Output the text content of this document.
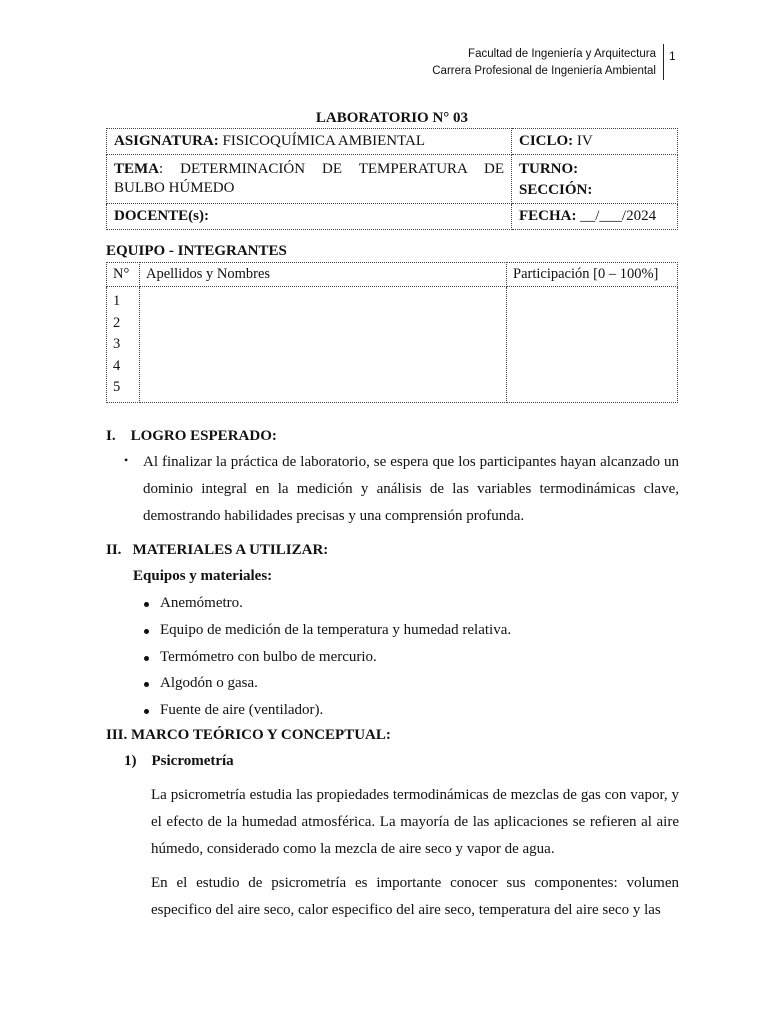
Facultad de Ingeniería y Arquitectura
Carrera Profesional de Ingeniería Ambiental
1
LABORATORIO N° 03
ASIGNATURA: FISICOQUÍMICA AMBIENTAL	CICLO: IV
TEMA: DETERMINACIÓN DE TEMPERATURA DE BULBO HÚMEDO	TURNO:
SECCIÓN:

DOCENTE(s):	FECHA: __/___/2024
EQUIPO - INTEGRANTES
N°	Apellidos y Nombres	Participación [0 – 100%]

1
2
3
4
5		

I.    LOGRO ESPERADO:
• Al finalizar la práctica de laboratorio, se espera que los participantes hayan alcanzado un dominio integral en la medición y análisis de las variables termodinámicas clave, demostrando habilidades precisas y una comprensión profunda.
II.   MATERIALES A UTILIZAR:
Equipos y materiales:
Anemómetro.
Equipo de medición de la temperatura y humedad relativa.
Termómetro con bulbo de mercurio.
Algodón o gasa.
Fuente de aire (ventilador).
III. MARCO TEÓRICO Y CONCEPTUAL:
1)    Psicrometría
La psicrometría estudia las propiedades termodinámicas de mezclas de gas con vapor, y el efecto de la humedad atmosférica. La mayoría de las aplicaciones se refieren al aire húmedo, considerado como la mezcla de aire seco y vapor de agua.
En el estudio de psicrometría es importante conocer sus componentes: volumen especifico del aire seco, calor especifico del aire seco, temperatura del aire seco y las
